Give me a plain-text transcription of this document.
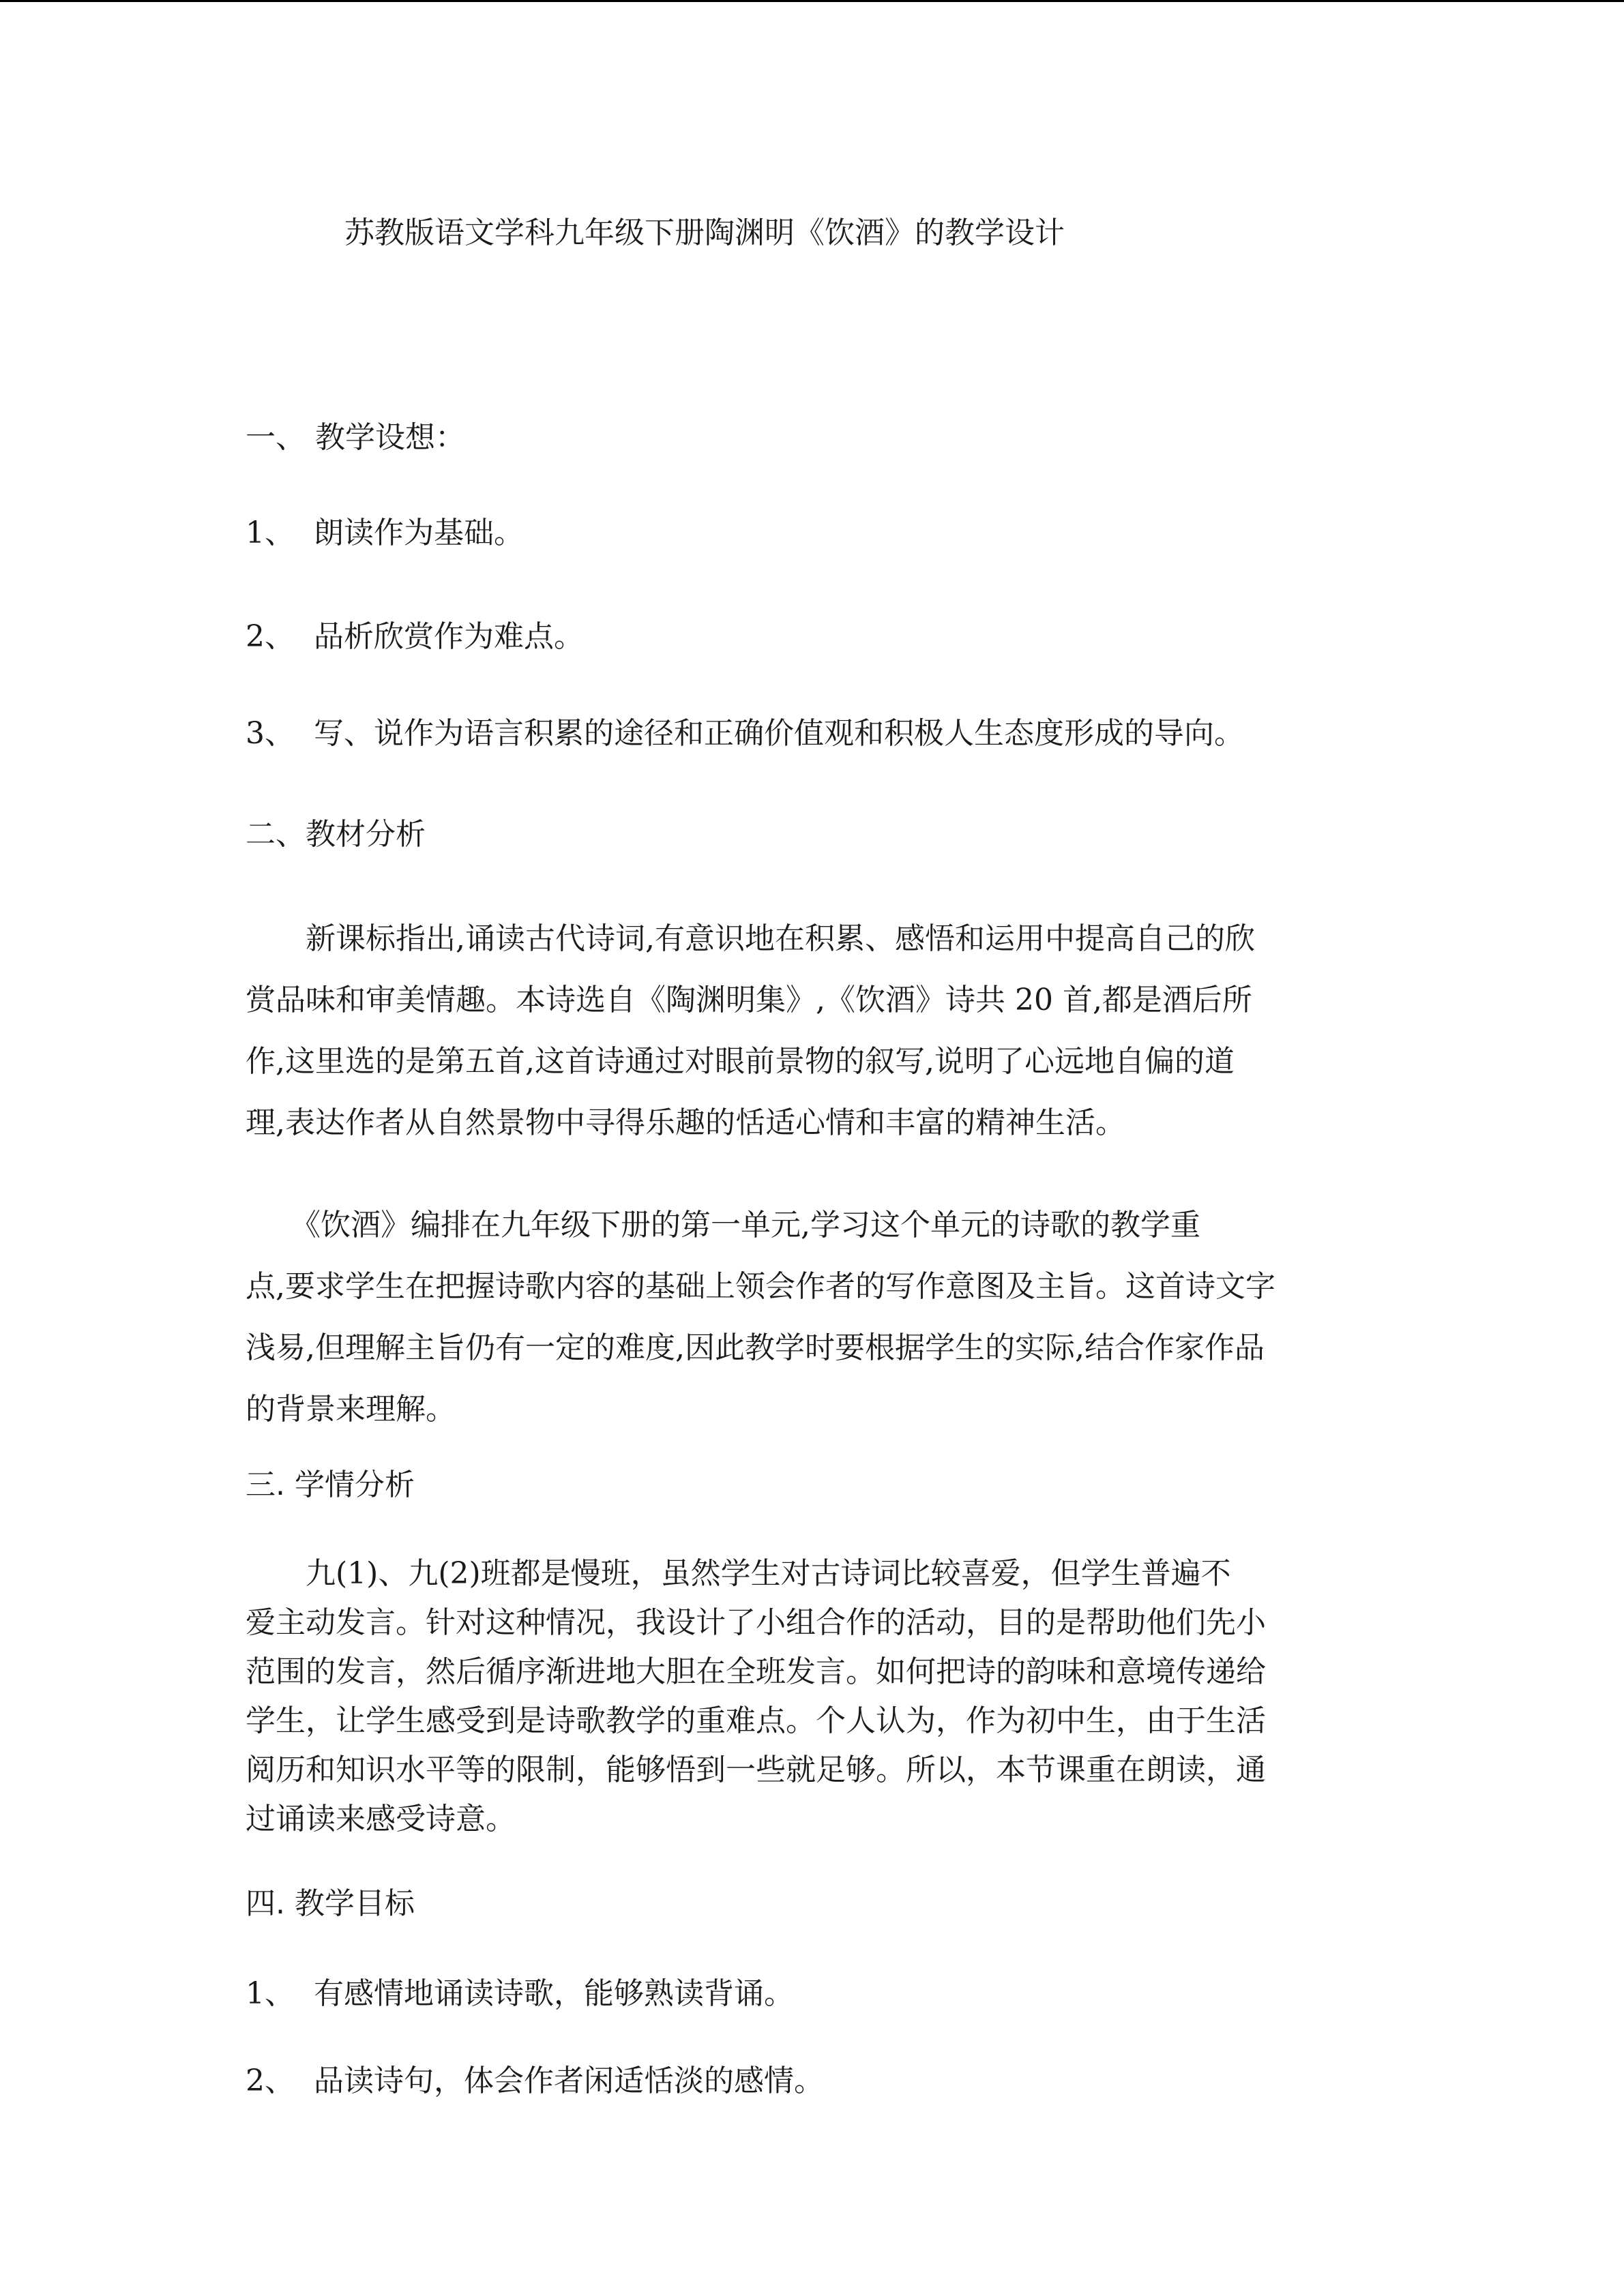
苏教版语文学科九年级下册陶渊明《饮酒》的教学设计
一、 教学设想：
1、 朗读作为基础。
2、 品析欣赏作为难点。
3、 写、说作为语言积累的途径和正确价值观和积极人生态度形成的导向。
二、教材分析
　　新课标指出,诵读古代诗词,有意识地在积累、感悟和运用中提高自己的欣
赏品味和审美情趣。本诗选自《陶渊明集》,《饮酒》诗共 20 首,都是酒后所
作,这里选的是第五首,这首诗通过对眼前景物的叙写,说明了心远地自偏的道
理,表达作者从自然景物中寻得乐趣的恬适心情和丰富的精神生活。
　　《饮酒》编排在九年级下册的第一单元,学习这个单元的诗歌的教学重
点,要求学生在把握诗歌内容的基础上领会作者的写作意图及主旨。这首诗文字
浅易,但理解主旨仍有一定的难度,因此教学时要根据学生的实际,结合作家作品
的背景来理解。
三. 学情分析
　　九(1)、九(2)班都是慢班，虽然学生对古诗词比较喜爱，但学生普遍不
爱主动发言。针对这种情况，我设计了小组合作的活动，目的是帮助他们先小
范围的发言，然后循序渐进地大胆在全班发言。如何把诗的韵味和意境传递给
学生，让学生感受到是诗歌教学的重难点。个人认为，作为初中生，由于生活
阅历和知识水平等的限制，能够悟到一些就足够。所以，本节课重在朗读，通
过诵读来感受诗意。
四. 教学目标
1、 有感情地诵读诗歌，能够熟读背诵。
2、 品读诗句，体会作者闲适恬淡的感情。
